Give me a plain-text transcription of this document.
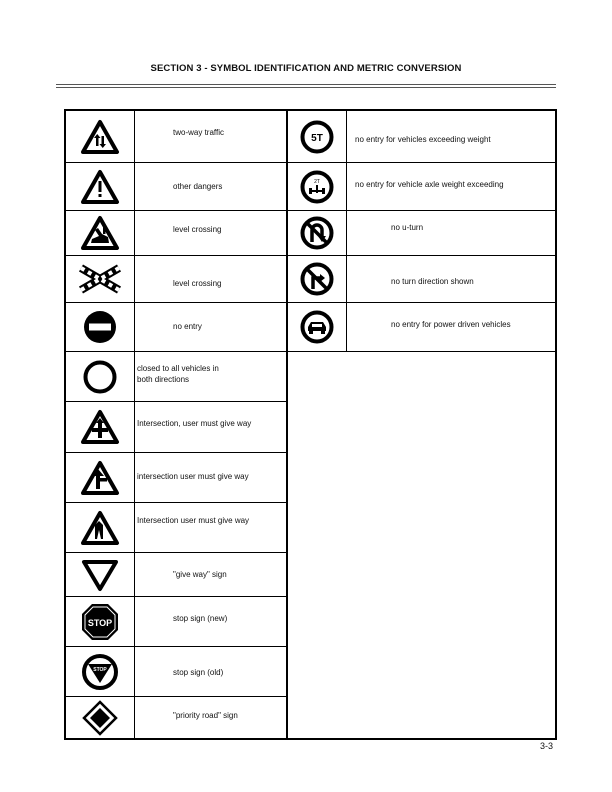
SECTION 3 - SYMBOL IDENTIFICATION AND METRIC CONVERSION
two-way traffic
other dangers
level crossing
level crossing
no entry
closed to all vehicles in
both directions
Intersection, user must give way
intersection user must give way
Intersection user must give way
"give way" sign
STOP	stop sign (new)
STOP	stop sign (old)
"priority road" sign
5T	no entry for vehicles exceeding weight
2T	no entry for vehicle axle weight exceeding
no u-turn
no turn direction shown
no entry for power driven vehicles
3-3
